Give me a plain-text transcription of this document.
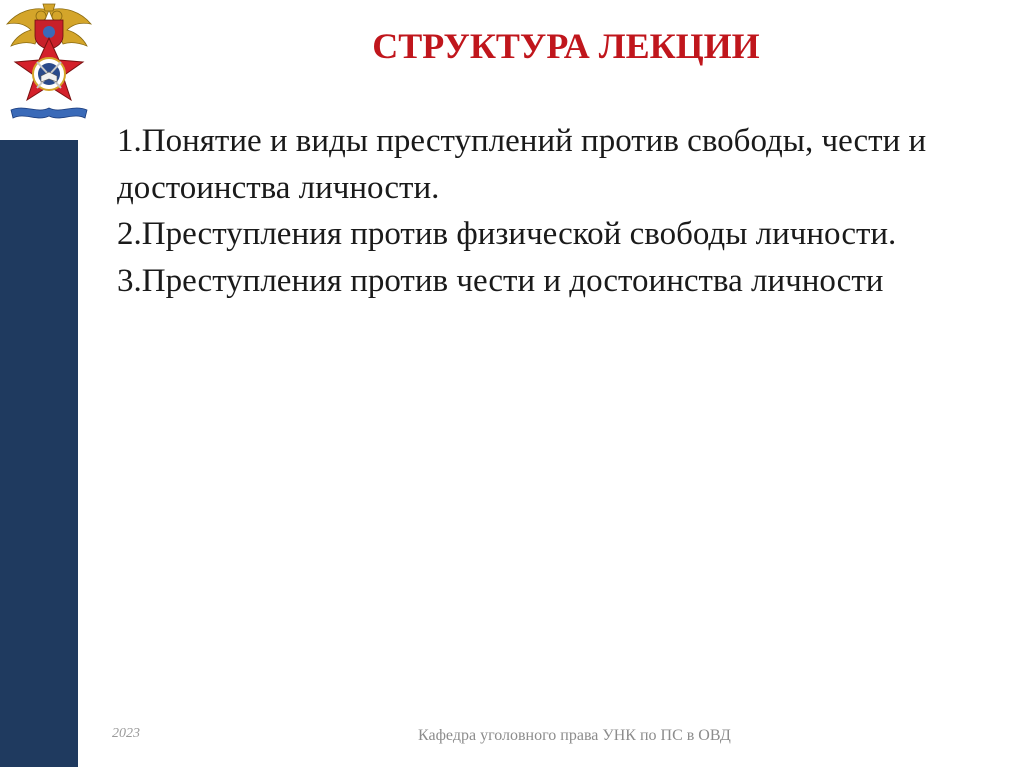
СТРУКТУРА ЛЕКЦИИ
1.Понятие и виды преступлений против свободы, чести и достоинства личности.
2.Преступления против физической свободы личности.
3.Преступления против чести и достоинства личности
2023	Кафедра уголовного права УНК по ПС в ОВД
